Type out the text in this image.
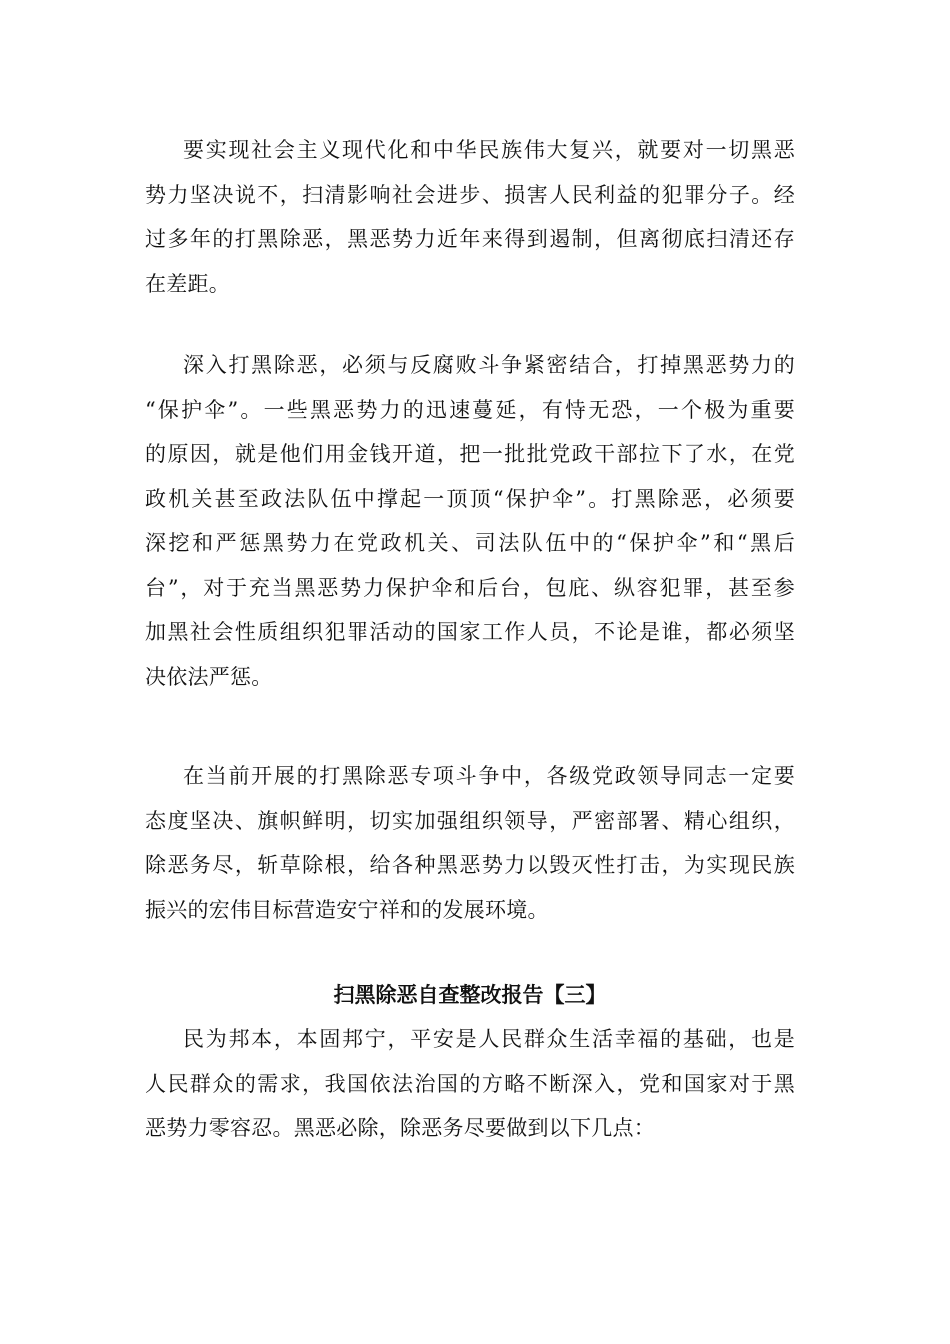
要实现社会主义现代化和中华民族伟大复兴，就要对一切黑恶
势力坚决说不，扫清影响社会进步、损害人民利益的犯罪分子。经
过多年的打黑除恶，黑恶势力近年来得到遏制，但离彻底扫清还存
在差距。
深入打黑除恶，必须与反腐败斗争紧密结合，打掉黑恶势力的
“保护伞”。一些黑恶势力的迅速蔓延，有恃无恐，一个极为重要
的原因，就是他们用金钱开道，把一批批党政干部拉下了水，在党
政机关甚至政法队伍中撑起一顶顶“保护伞”。打黑除恶，必须要
深挖和严惩黑势力在党政机关、司法队伍中的“保护伞”和“黑后
台”，对于充当黑恶势力保护伞和后台，包庇、纵容犯罪，甚至参
加黑社会性质组织犯罪活动的国家工作人员，不论是谁，都必须坚
决依法严惩。
在当前开展的打黑除恶专项斗争中，各级党政领导同志一定要
态度坚决、旗帜鲜明，切实加强组织领导，严密部署、精心组织，
除恶务尽，斩草除根，给各种黑恶势力以毁灭性打击，为实现民族
振兴的宏伟目标营造安宁祥和的发展环境。
扫黑除恶自查整改报告【三】
民为邦本，本固邦宁，平安是人民群众生活幸福的基础，也是
人民群众的需求，我国依法治国的方略不断深入，党和国家对于黑
恶势力零容忍。黑恶必除，除恶务尽要做到以下几点：
